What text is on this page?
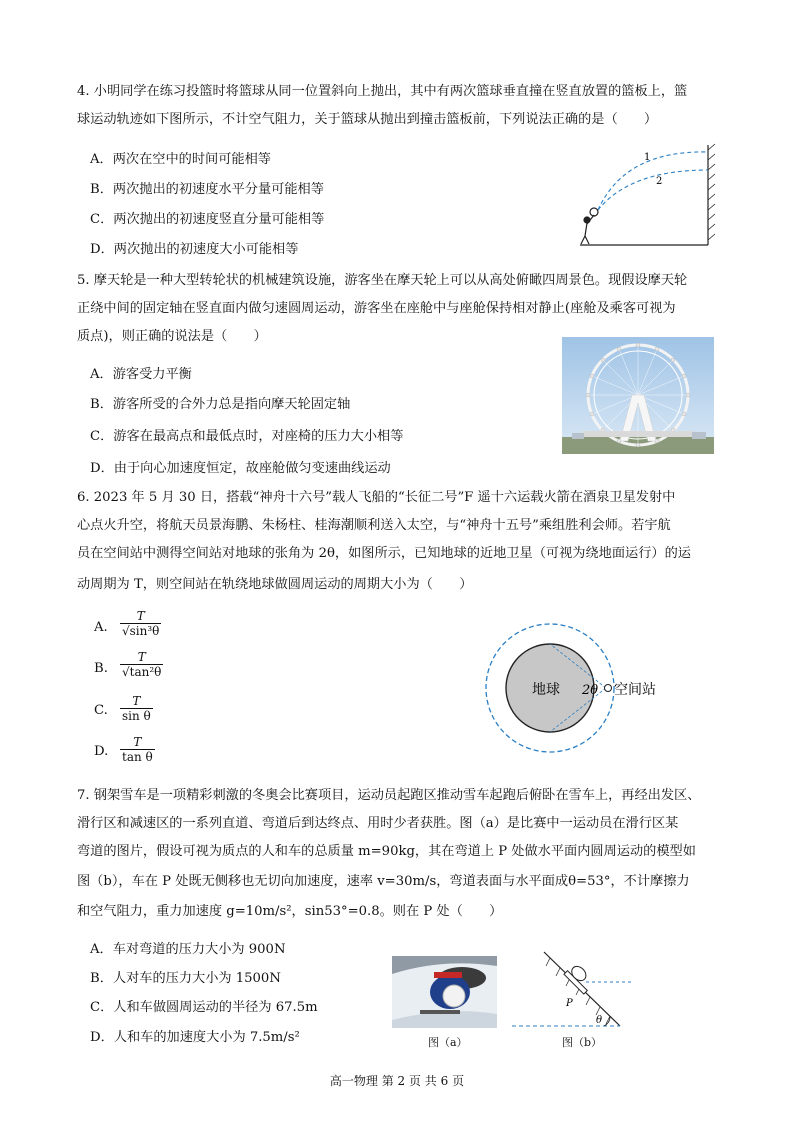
4. 小明同学在练习投篮时将篮球从同一位置斜向上抛出，其中有两次篮球垂直撞在竖直放置的篮板上，篮
球运动轨迹如下图所示，不计空气阻力，关于篮球从抛出到撞击篮板前，下列说法正确的是（　　）
A．两次在空中的时间可能相等
B．两次抛出的初速度水平分量可能相等
C．两次抛出的初速度竖直分量可能相等
D．两次抛出的初速度大小可能相等
1
2
5. 摩天轮是一种大型转轮状的机械建筑设施，游客坐在摩天轮上可以从高处俯瞰四周景色。现假设摩天轮
正绕中间的固定轴在竖直面内做匀速圆周运动，游客坐在座舱中与座舱保持相对静止(座舱及乘客可视为
质点)，则正确的说法是（　　）
A．游客受力平衡
B．游客所受的合外力总是指向摩天轮固定轴
C．游客在最高点和最低点时，对座椅的压力大小相等
D．由于向心加速度恒定，故座舱做匀变速曲线运动
6. 2023 年 5 月 30 日，搭载“神舟十六号”载人飞船的“长征二号”F 遥十六运载火箭在酒泉卫星发射中
心点火升空，将航天员景海鹏、朱杨柱、桂海潮顺利送入太空，与“神舟十五号”乘组胜利会师。若宇航
员在空间站中测得空间站对地球的张角为 2θ，如图所示，已知地球的近地卫星（可视为绕地面运行）的运
动周期为 T，则空间站在轨绕地球做圆周运动的周期大小为（　　）
A. $\frac{T}{\text{√sin³θ}}$
B. $\frac{T}{\text{√tan²θ}}$
C. $\frac{T}{\text{sin θ}}$
D. $\frac{T}{\text{tan θ}}$
地球 2θ 空间站
7. 钢架雪车是一项精彩刺激的冬奥会比赛项目，运动员起跑区推动雪车起跑后俯卧在雪车上，再经出发区、
滑行区和减速区的一系列直道、弯道后到达终点、用时少者获胜。图（a）是比赛中一运动员在滑行区某
弯道的图片，假设可视为质点的人和车的总质量 m=90kg，其在弯道上 P 处做水平面内圆周运动的模型如
图（b），车在 P 处既无侧移也无切向加速度，速率 v=30m/s，弯道表面与水平面成θ=53°，不计摩擦力
和空气阻力，重力加速度 g=10m/s²，sin53°=0.8。则在 P 处（　　）
A．车对弯道的压力大小为 900N
B．人对车的压力大小为 1500N
C．人和车做圆周运动的半径为 67.5m
D．人和车的加速度大小为 7.5m/s²
P
θ
图（a）	图（b）
高一物理 第 2 页 共 6 页
